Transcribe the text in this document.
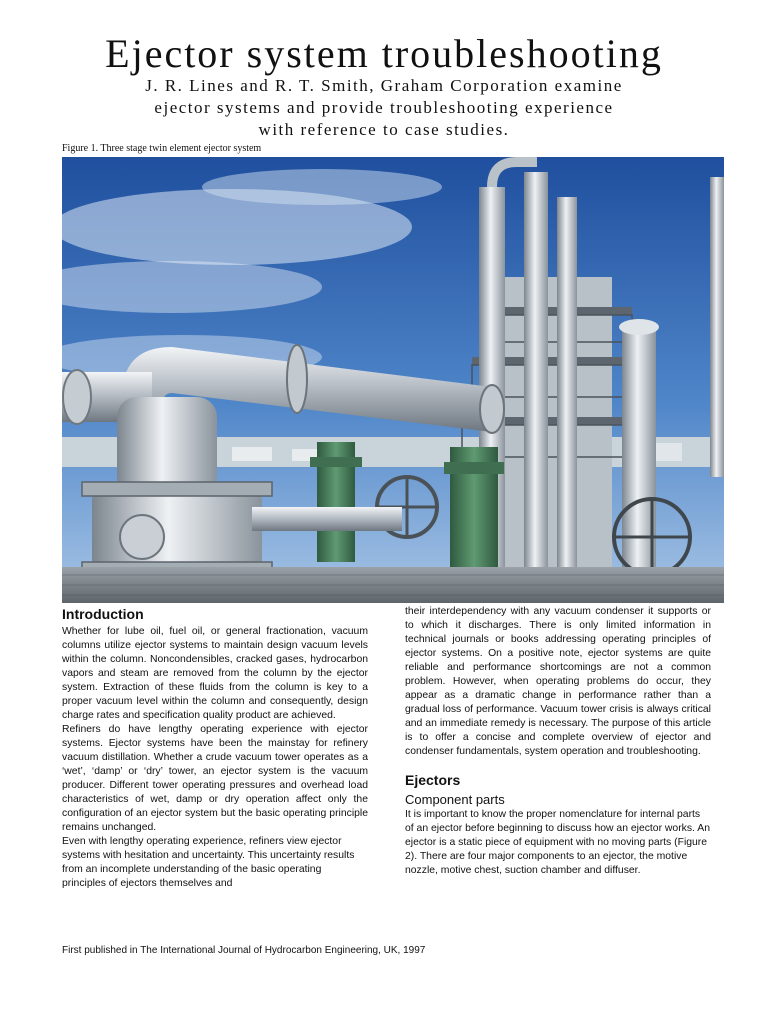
Ejector system troubleshooting

J. R. Lines and R. T. Smith, Graham Corporation examine
ejector systems and provide troubleshooting experience
with reference to case studies.

Figure 1. Three stage twin element ejector system
Introduction

Whether for lube oil, fuel oil, or general fractionation, vacuum columns utilize ejector systems to maintain design vacuum levels within the column. Noncondensibles, cracked gases, hydrocarbon vapors and steam are removed from the column by the ejector system. Extraction of these fluids from the column is key to a proper vacuum level within the column and consequently, design charge rates and specification quality product are achieved.

Refiners do have lengthy operating experience with ejector systems. Ejector systems have been the mainstay for refinery vacuum distillation. Whether a crude vacuum tower operates as a ‘wet’, ‘damp’ or ‘dry’ tower, an ejector system is the vacuum producer. Different tower operating pressures and overhead load characteristics of wet, damp or dry operation affect only the configuration of an ejector system but the basic operating principle remains unchanged.

Even with lengthy operating experience, refiners view ejector systems with hesitation and uncertainty. This uncertainty results from an incomplete understanding of the basic operating principles of ejectors themselves and

their interdependency with any vacuum condenser it supports or to which it discharges. There is only limited information in technical journals or books addressing operating principles of ejector systems. On a positive note, ejector systems are quite reliable and performance shortcomings are not a common problem. However, when operating problems do occur, they appear as a dramatic change in performance rather than a gradual loss of performance. Vacuum tower crisis is always critical and an immediate remedy is necessary. The purpose of this article is to offer a concise and complete overview of ejector and condenser fundamentals, system operation and troubleshooting.

Ejectors
Component parts

It is important to know the proper nomenclature for internal parts of an ejector before beginning to discuss how an ejector works. An ejector is a static piece of equipment with no moving parts (Figure 2). There are four major components to an ejector, the motive nozzle, motive chest, suction chamber and diffuser.

First published in The International Journal of Hydrocarbon Engineering, UK, 1997
